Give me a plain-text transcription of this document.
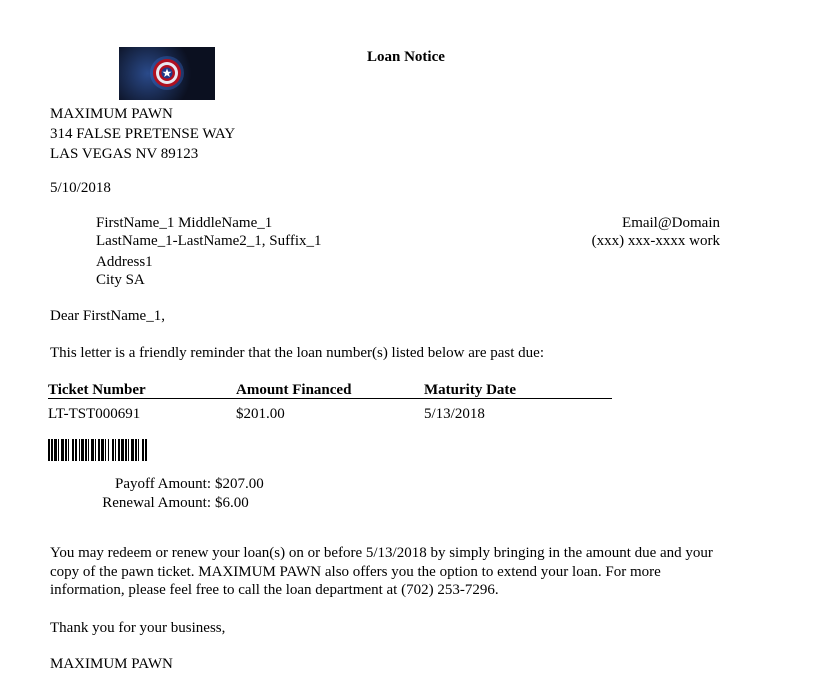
Loan Notice
MAXIMUM PAWN
314 FALSE PRETENSE WAY
LAS VEGAS NV 89123
5/10/2018
FirstName_1 MiddleName_1
LastName_1-LastName2_1, Suffix_1
Address1
City SA
Email@Domain
(xxx) xxx-xxxx work
Dear FirstName_1,
This letter is a friendly reminder that the loan number(s) listed below are past due:
Ticket Number	Amount Financed	Maturity Date
LT-TST000691	$201.00	5/13/2018
Payoff Amount: $207.00
Renewal Amount: $6.00
You may redeem or renew your loan(s) on or before 5/13/2018 by simply bringing in the amount due and your
copy of the pawn ticket. MAXIMUM PAWN also offers you the option to extend your loan. For more
information, please feel free to call the loan department at (702) 253-7296.
Thank you for your business,
MAXIMUM PAWN
